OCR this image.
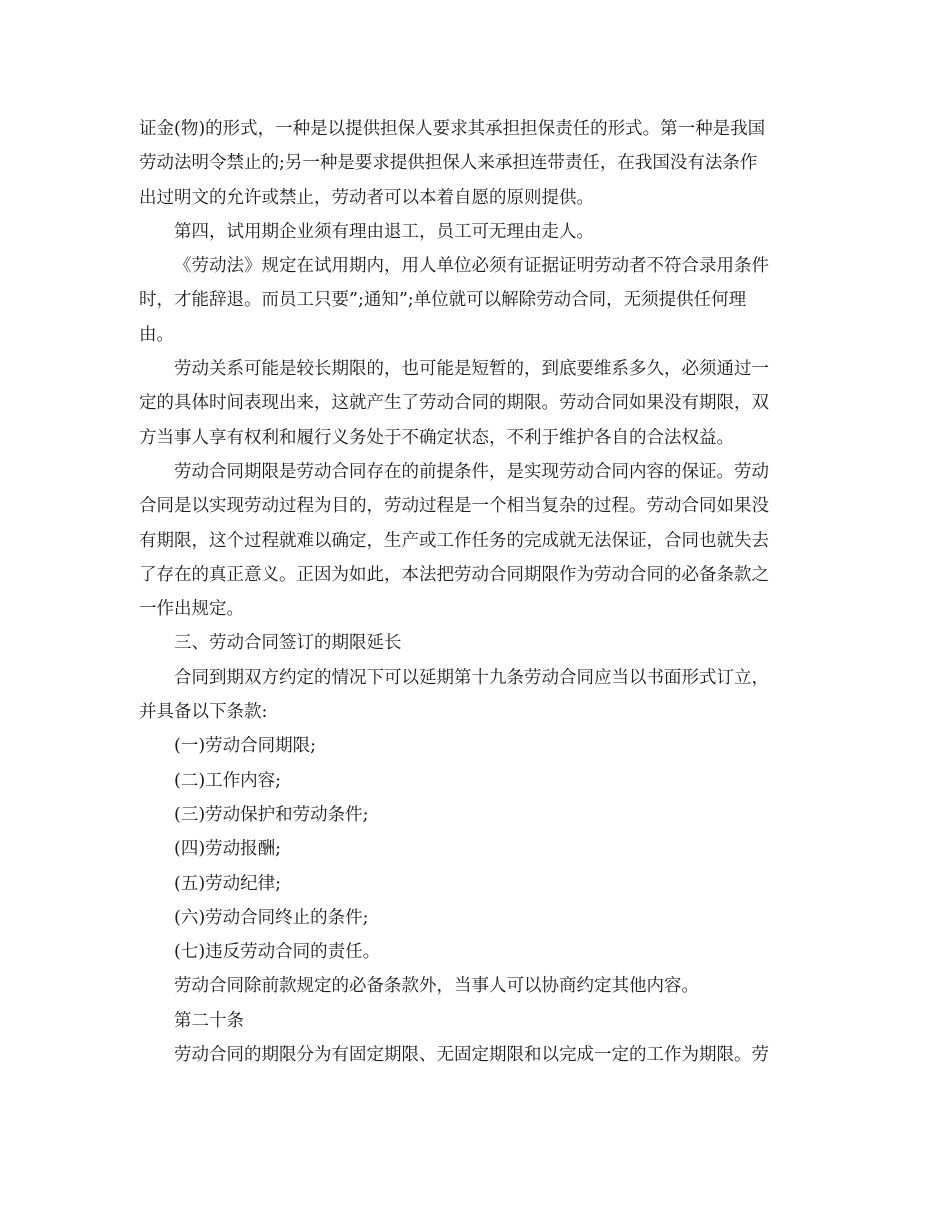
证金(物)的形式，一种是以提供担保人要求其承担担保责任的形式。第一种是我国
劳动法明令禁止的;另一种是要求提供担保人来承担连带责任，在我国没有法条作
出过明文的允许或禁止，劳动者可以本着自愿的原则提供。
第四，试用期企业须有理由退工，员工可无理由走人。
《劳动法》规定在试用期内，用人单位必须有证据证明劳动者不符合录用条件
时，才能辞退。而员工只要”;通知”;单位就可以解除劳动合同，无须提供任何理
由。
劳动关系可能是较长期限的，也可能是短暂的，到底要维系多久，必须通过一
定的具体时间表现出来，这就产生了劳动合同的期限。劳动合同如果没有期限，双
方当事人享有权利和履行义务处于不确定状态，不利于维护各自的合法权益。
劳动合同期限是劳动合同存在的前提条件，是实现劳动合同内容的保证。劳动
合同是以实现劳动过程为目的，劳动过程是一个相当复杂的过程。劳动合同如果没
有期限，这个过程就难以确定，生产或工作任务的完成就无法保证，合同也就失去
了存在的真正意义。正因为如此，本法把劳动合同期限作为劳动合同的必备条款之
一作出规定。
三、劳动合同签订的期限延长
合同到期双方约定的情况下可以延期第十九条劳动合同应当以书面形式订立，
并具备以下条款:
(一)劳动合同期限;
(二)工作内容;
(三)劳动保护和劳动条件;
(四)劳动报酬;
(五)劳动纪律;
(六)劳动合同终止的条件;
(七)违反劳动合同的责任。
劳动合同除前款规定的必备条款外，当事人可以协商约定其他内容。
第二十条
劳动合同的期限分为有固定期限、无固定期限和以完成一定的工作为期限。劳
